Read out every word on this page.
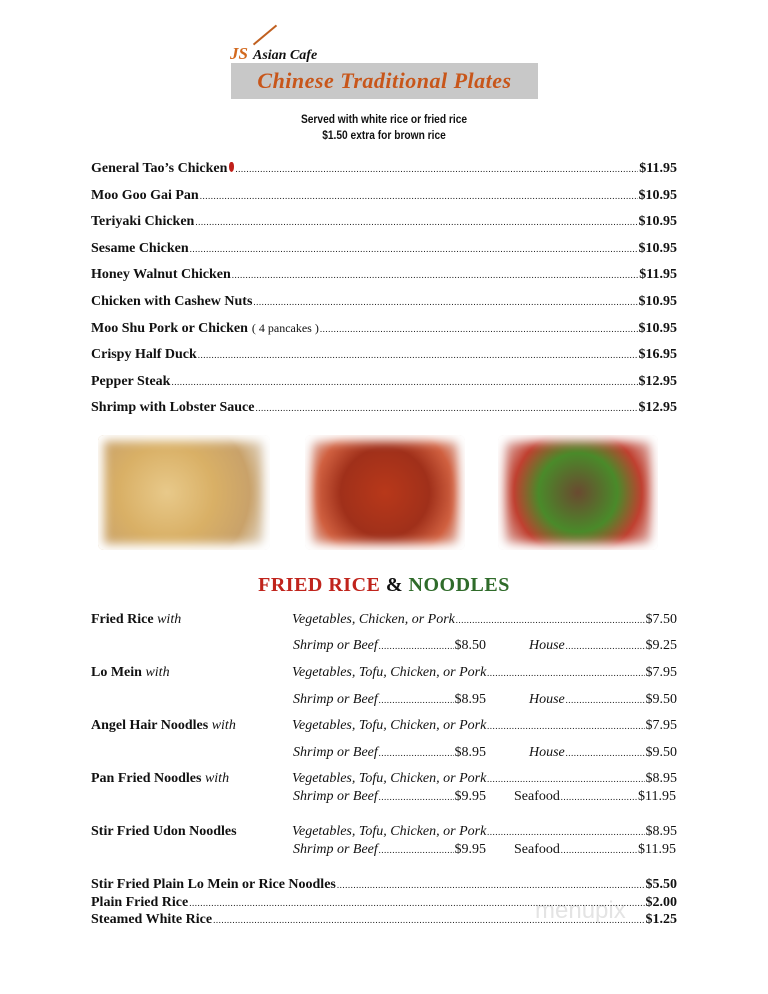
JS Asian Cafe
Chinese Traditional Plates
Served with white rice or fried rice
$1.50 extra for brown rice
FRIED RICE & NOODLES
menupix
General Tao’s Chicken .....	$11.95
Moo Goo Gai Pan .....	$10.95
Teriyaki Chicken .....	$10.95
Sesame Chicken .....	$10.95
Honey Walnut Chicken .....	$11.95
Chicken with Cashew Nuts .....	$10.95
Moo Shu Pork or Chicken ( 4 pancakes ) .....	$10.95
Crispy Half Duck .....	$16.95
Pepper Steak .....	$12.95
Shrimp with Lobster Sauce .....	$12.95
Fried Rice with	Vegetables, Chicken, or Pork .....	$7.50
Shrimp or Beef .....	$8.50	House .....	$9.25
Lo Mein with	Vegetables, Tofu, Chicken, or Pork .....	$7.95
Shrimp or Beef .....	$8.95	House .....	$9.50
Angel Hair Noodles with	Vegetables, Tofu, Chicken, or Pork .....	$7.95
Shrimp or Beef .....	$8.95	House .....	$9.50
Pan Fried Noodles with	Vegetables, Tofu, Chicken, or Pork .....	$8.95
Shrimp or Beef .....	$9.95 Seafood .....	$11.95
Stir Fried Udon Noodles	Vegetables, Tofu, Chicken, or Pork .....	$8.95
Shrimp or Beef .....	$9.95 Seafood .....	$11.95
Stir Fried Plain Lo Mein or Rice Noodles .....	$5.50
Plain Fried Rice .....	$2.00
Steamed White Rice .....	$1.25
